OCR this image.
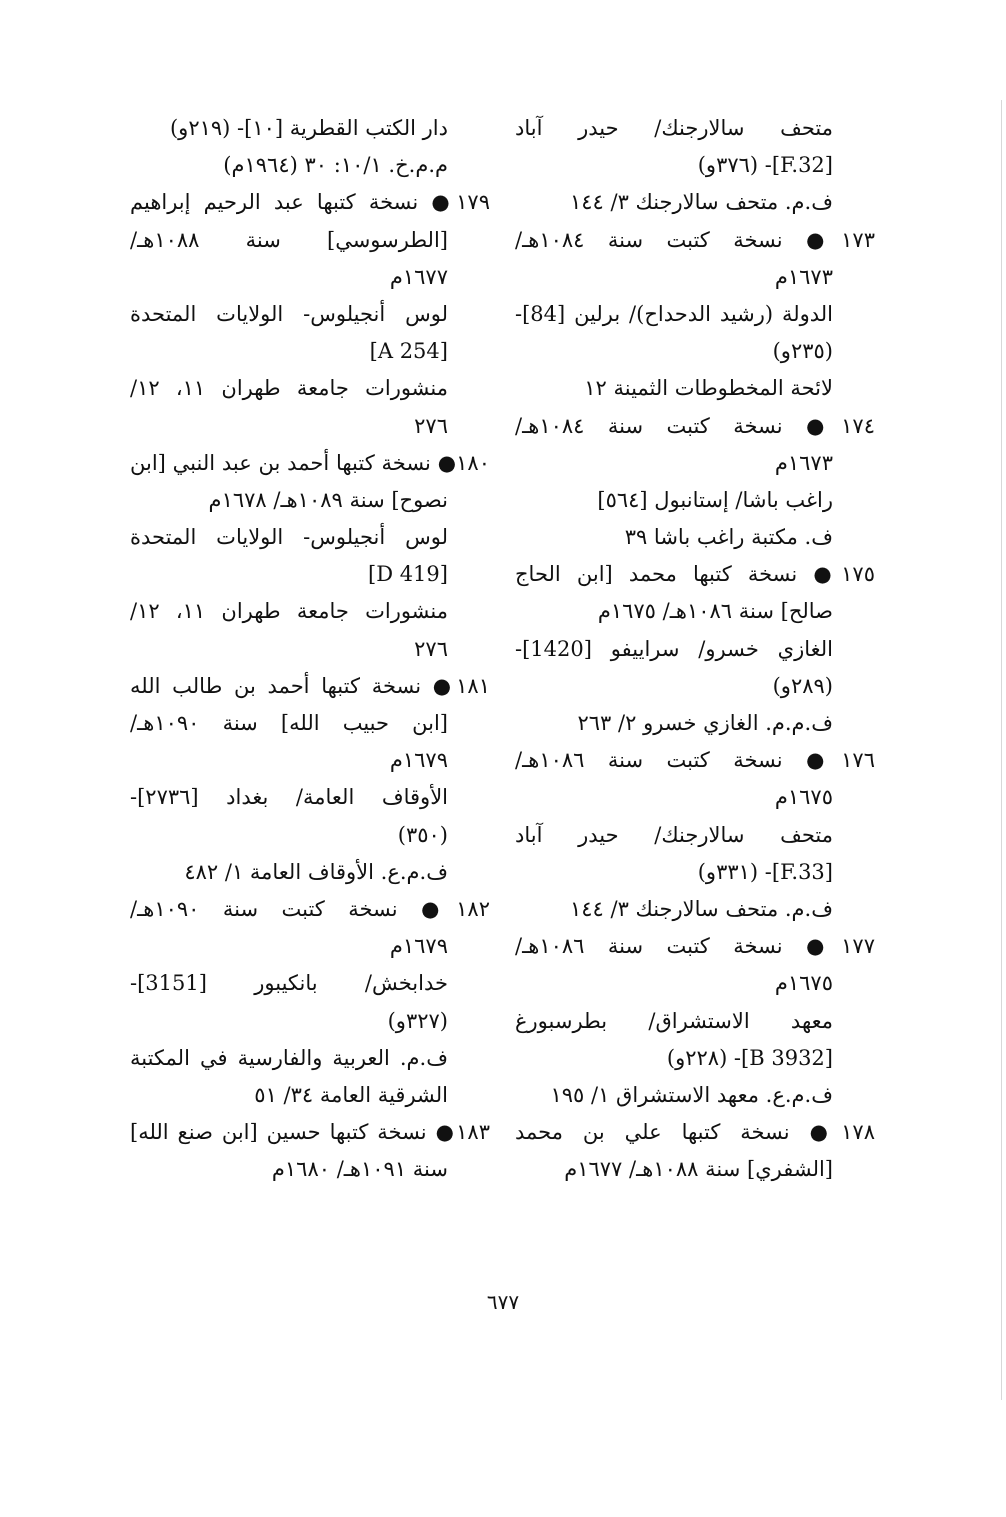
متحف سالارجنك/ حيدر آباد
[F.32]- (٣٧٦و)
ف.م. متحف سالارجنك ٣/ ١٤٤
١٧٣● نسخة كتبت سنة ١٠٨٤هـ/
١٦٧٣م
الدولة (رشيد الدحداح)/ برلين [84]-
(٢٣٥و)
لائحة المخطوطات الثمينة ١٢
١٧٤● نسخة كتبت سنة ١٠٨٤هـ/
١٦٧٣م
راغب باشا/ إستانبول [٥٦٤]
ف. مكتبة راغب باشا ٣٩
١٧٥● نسخة كتبها محمد [ابن الحاج
صالح] سنة ١٠٨٦هـ/ ١٦٧٥م
الغازي خسرو/ سراييفو [1420]-
(٢٨٩و)
ف.م.م. الغازي خسرو ٢/ ٢٦٣
١٧٦● نسخة كتبت سنة ١٠٨٦هـ/
١٦٧٥م
متحف سالارجنك/ حيدر آباد
[F.33]- (٣٣١و)
ف.م. متحف سالارجنك ٣/ ١٤٤
١٧٧● نسخة كتبت سنة ١٠٨٦هـ/
١٦٧٥م
معهد الاستشراق/ بطرسبورغ
[B 3932]- (٢٢٨و)
ف.م.ع. معهد الاستشراق ١/ ١٩٥
١٧٨● نسخة كتبها علي بن محمد
[الشفري] سنة ١٠٨٨هـ/ ١٦٧٧م
دار الكتب القطرية [١٠]- (٢١٩و)
م.م.خ. ١٠/١: ٣٠ (١٩٦٤م)
١٧٩● نسخة كتبها عبد الرحيم إبراهيم
[الطرسوسي] سنة ١٠٨٨هـ/
١٦٧٧م
لوس أنجيلوس- الولايات المتحدة
[A 254]
منشورات جامعة طهران ١١، ١٢/
٢٧٦
١٨٠● نسخة كتبها أحمد بن عبد النبي [ابن
نصوح] سنة ١٠٨٩هـ/ ١٦٧٨م
لوس أنجيلوس- الولايات المتحدة
[D 419]
منشورات جامعة طهران ١١، ١٢/
٢٧٦
١٨١● نسخة كتبها أحمد بن طالب الله
[ابن حبيب الله] سنة ١٠٩٠هـ/
١٦٧٩م
الأوقاف العامة/ بغداد [٢٧٣٦]-
(٣٥٠)
ف.م.ع. الأوقاف العامة ١/ ٤٨٢
١٨٢● نسخة كتبت سنة ١٠٩٠هـ/
١٦٧٩م
خدابخش/ بانكيبور [3151]-
(٣٢٧و)
ف.م. العربية والفارسية في المكتبة
الشرقية العامة ٣٤/ ٥١
١٨٣● نسخة كتبها حسين [ابن صنع الله]
سنة ١٠٩١هـ/ ١٦٨٠م
٦٧٧
